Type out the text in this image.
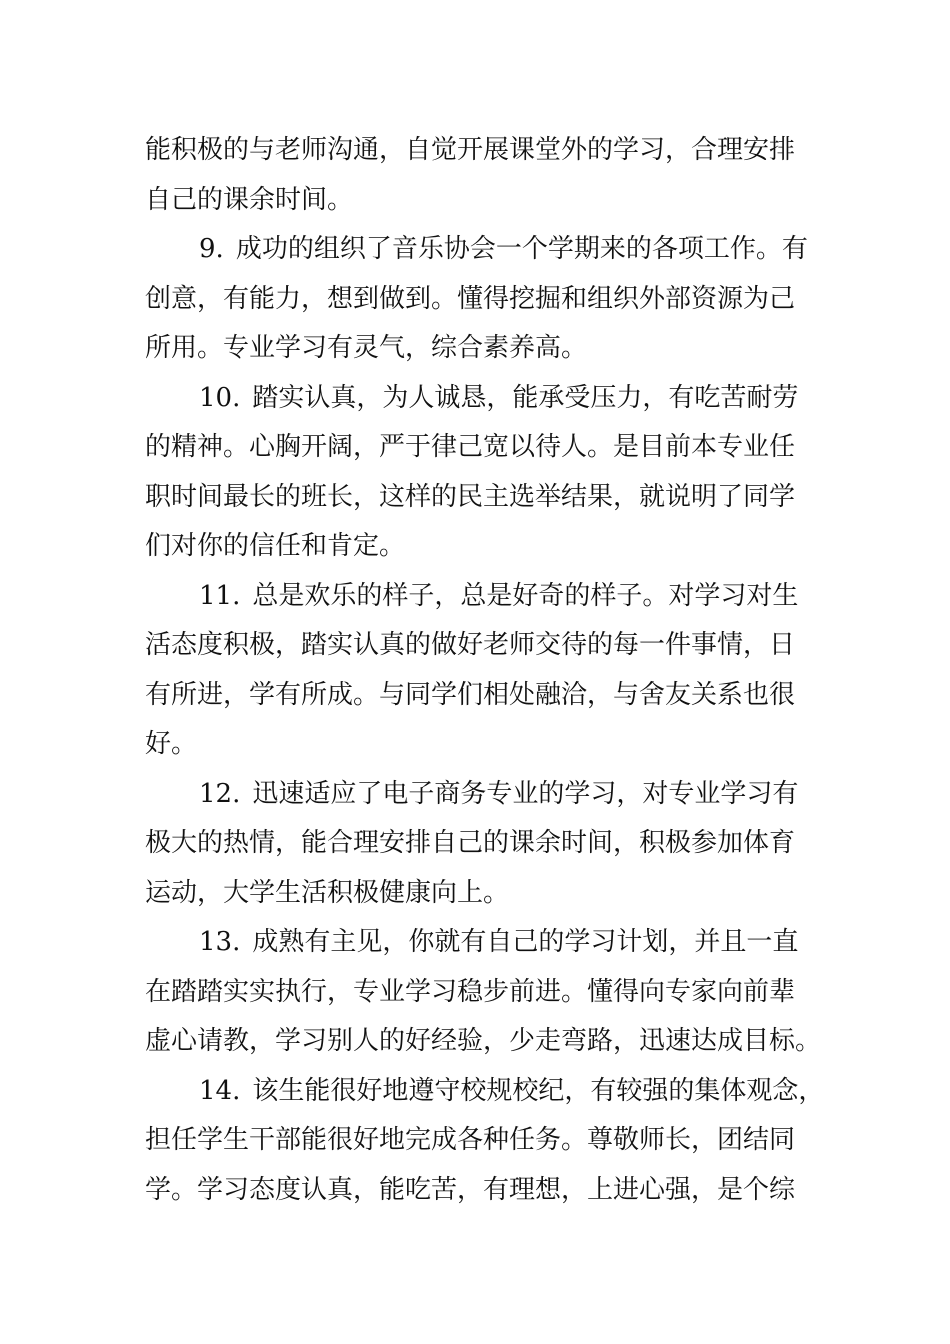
能积极的与老师沟通，自觉开展课堂外的学习，合理安排
自己的课余时间。
9. 成功的组织了音乐协会一个学期来的各项工作。有
创意，有能力，想到做到。懂得挖掘和组织外部资源为己
所用。专业学习有灵气，综合素养高。
10. 踏实认真，为人诚恳，能承受压力，有吃苦耐劳
的精神。心胸开阔，严于律己宽以待人。是目前本专业任
职时间最长的班长，这样的民主选举结果，就说明了同学
们对你的信任和肯定。
11. 总是欢乐的样子，总是好奇的样子。对学习对生
活态度积极，踏实认真的做好老师交待的每一件事情，日
有所进，学有所成。与同学们相处融洽，与舍友关系也很
好。
12. 迅速适应了电子商务专业的学习，对专业学习有
极大的热情，能合理安排自己的课余时间，积极参加体育
运动，大学生活积极健康向上。
13. 成熟有主见，你就有自己的学习计划，并且一直
在踏踏实实执行，专业学习稳步前进。懂得向专家向前辈
虚心请教，学习别人的好经验，少走弯路，迅速达成目标。
14. 该生能很好地遵守校规校纪，有较强的集体观念，
担任学生干部能很好地完成各种任务。尊敬师长，团结同
学。学习态度认真，能吃苦，有理想，上进心强，是个综
